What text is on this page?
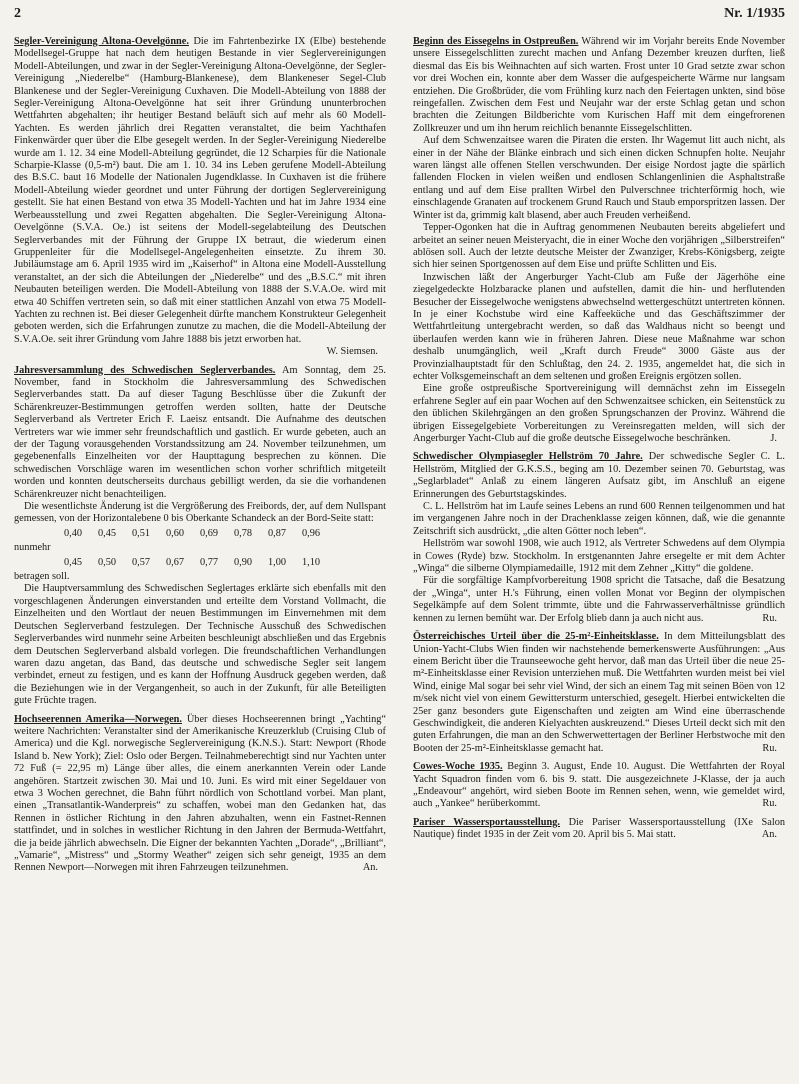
2	Nr. 1/1935

Segler-Vereinigung Altona-Oevelgönne. Die im Fahrtenbezirke IX (Elbe) bestehende Modellsegel-Gruppe hat nach dem heutigen Bestande in vier Seglervereinigungen Modell-Abteilungen, und zwar in der Segler-Vereinigung Altona-Oevelgönne, der Segler-Vereinigung „Niederelbe“ (Hamburg-Blankenese), dem Blankeneser Segel-Club Blankenese und der Segler-Vereinigung Cuxhaven. Die Modell-Abteilung von 1888 der Segler-Vereinigung Altona-Oevelgönne hat seit ihrer Gründung ununterbrochen Wettfahrten abgehalten; ihr heutiger Bestand beläuft sich auf mehr als 60 Modell-Yachten. Es werden jährlich drei Regatten veranstaltet, die beim Yachthafen Finkenwärder quer über die Elbe gesegelt werden. In der Segler-Vereinigung Niederelbe wurde am 1. 12. 34 eine Modell-Abteilung gegründet, die 12 Scharpies für die Nationale Scharpie-Klasse (0,5-m²) baut. Die am 1. 10. 34 ins Leben gerufene Modell-Abteilung des B.S.C. baut 16 Modelle der Nationalen Jugendklasse. In Cuxhaven ist die frühere Modell-Abteilung wieder geordnet und unter Führung der dortigen Seglervereinigung gestellt. Sie hat einen Bestand von etwa 35 Modell-Yachten und hat im Jahre 1934 eine Werbeausstellung und zwei Regatten abgehalten. Die Segler-Vereinigung Altona-Oevelgönne (S.V.A. Oe.) ist seitens der Modell-segelabteilung des Deutschen Seglerverbandes mit der Führung der Gruppe IX betraut, die wiederum einen Gruppenleiter für die Modellsegel-Angelegenheiten einsetzte. Zu ihrem 30. Jubiläumstage am 6. April 1935 wird im „Kaiserhof“ in Altona eine Modell-Ausstellung veranstaltet, an der sich die Abteilungen der „Niederelbe“ und des „B.S.C.“ mit ihren Neubauten beteiligen werden. Die Modell-Abteilung von 1888 der S.V.A.Oe. wird mit etwa 40 Schiffen vertreten sein, so daß mit einer stattlichen Anzahl von etwa 75 Modell-Yachten zu rechnen ist. Bei dieser Gelegenheit dürfte manchem Konstrukteur Gelegenheit geboten werden, sich die Erfahrungen zunutze zu machen, die die Modell-Abteilung der S.V.A.Oe. seit ihrer Gründung vom Jahre 1888 bis jetzt erworben hat.

W. Siemsen.

Jahresversammlung des Schwedischen Seglerverbandes. Am Sonntag, dem 25. November, fand in Stockholm die Jahresversammlung des Schwedischen Seglerverbandes statt. Da auf dieser Tagung Beschlüsse über die Zukunft der Schärenkreuzer-Bestimmungen getroffen werden sollten, hatte der Deutsche Seglerverband als Vertreter Erich F. Laeisz entsandt. Die Aufnahme des deutschen Vertreters war wie immer sehr freundschaftlich und gastlich. Er wurde gebeten, auch an der der Tagung vorausgehenden Vorstandssitzung am 24. November teilzunehmen, um gegebenenfalls Einzelheiten vor der Haupttagung besprechen zu können. Die schwedischen Vorschläge waren im wesentlichen schon vorher schriftlich mitgeteilt worden und konnten deutscherseits durchaus gebilligt werden, da sie die vorhandenen Schärenkreuzer nicht benachteiligen.

Die wesentlichste Änderung ist die Vergrößerung des Freibords, der, auf dem Nullspant gemessen, von der Horizontalebene 0 bis Oberkante Schandeck an der Bord-Seite statt:

0,40	0,45	0,51	0,60	0,69	0,78	0,87	0,96

nunmehr

0,45	0,50	0,57	0,67	0,77	0,90	1,00	1,10

betragen soll.

Die Hauptversammlung des Schwedischen Seglertages erklärte sich ebenfalls mit den vorgeschlagenen Änderungen einverstanden und erteilte dem Vorstand Vollmacht, die Einzelheiten und den Wortlaut der neuen Bestimmungen im Einvernehmen mit dem Deutschen Seglerverband festzulegen. Der Technische Ausschuß des Schwedischen Seglerverbandes wird nunmehr seine Arbeiten beschleunigt abschließen und das Ergebnis dem Deutschen Seglerverband alsbald vorlegen. Die freundschaftlichen Verhandlungen waren dazu angetan, das Band, das deutsche und schwedische Segler seit langem verbindet, erneut zu festigen, und es kann der Hoffnung Ausdruck gegeben werden, daß die Beziehungen wie in der Vergangenheit, so auch in der Zukunft, für alle Beteiligten gute Früchte tragen.

Hochseerennen Amerika—Norwegen. Über dieses Hochseerennen bringt „Yachting“ weitere Nachrichten: Veranstalter sind der Amerikanische Kreuzerklub (Cruising Club of America) und die Kgl. norwegische Seglervereinigung (K.N.S.). Start: Newport (Rhode Island b. New York); Ziel: Oslo oder Bergen. Teilnahmeberechtigt sind nur Yachten unter 72 Fuß (= 22,95 m) Länge über alles, die einem anerkannten Verein oder Lande angehören. Startzeit zwischen 30. Mai und 10. Juni. Es wird mit einer Segeldauer von etwa 3 Wochen gerechnet, die Bahn führt nördlich von Schottland vorbei. Man plant, einen „Transatlantik-Wanderpreis“ zu schaffen, wobei man den Gedanken hat, das Rennen in östlicher Richtung in den Jahren abzuhalten, wenn ein Fastnet-Rennen stattfindet, und in solches in westlicher Richtung in den Jahren der Bermuda-Wettfahrt, die ja beide jährlich abwechseln. Die Eigner der bekannten Yachten „Dorade“, „Brilliant“, „Vamarie“, „Mistress“ und „Stormy Weather“ zeigen sich sehr geneigt, 1935 an dem Rennen Newport—Norwegen mit ihren Fahrzeugen teilzunehmen.	An.

Beginn des Eissegelns in Ostpreußen. Während wir im Vorjahr bereits Ende November unsere Eissegelschlitten zurecht machen und Anfang Dezember kreuzen durften, ließ diesmal das Eis bis Weihnachten auf sich warten. Frost unter 10 Grad setzte zwar schon vor drei Wochen ein, konnte aber dem Wasser die aufgespeicherte Wärme nur langsam entziehen. Die Großbrüder, die vom Frühling kurz nach den Feiertagen unkten, sind böse reingefallen. Zwischen dem Fest und Neujahr war der erste Schlag getan und schon brachten die Zeitungen Bildberichte vom Kurischen Haff mit dem eingefrorenen Zollkreuzer und um ihn herum reichlich benannte Eissegelschlitten.

Auf dem Schwenzaitsee waren die Piraten die ersten. Ihr Wagemut litt auch nicht, als einer in der Nähe der Blänke einbrach und sich einen dicken Schnupfen holte. Neujahr waren längst alle offenen Stellen verschwunden. Der eisige Nordost jagte die spärlich fallenden Flocken in vielen weißen und endlosen Schlangenlinien die Asphaltstraße entlang und auf dem Eise prallten Wirbel den Pulverschnee trichterförmig hoch, wie einschlagende Granaten auf trockenem Grund Rauch und Staub emporspritzen lassen. Der Winter ist da, grimmig kalt blasend, aber auch Freuden verheißend.

Tepper-Ogonken hat die in Auftrag genommenen Neubauten bereits abgeliefert und arbeitet an seiner neuen Meisteryacht, die in einer Woche den vorjährigen „Silberstreifen“ ablösen soll. Auch der letzte deutsche Meister der Zwanziger, Krebs-Königsberg, zeigte sich hier seinen Sportgenossen auf dem Eise und prüfte Schlitten und Eis.

Inzwischen läßt der Angerburger Yacht-Club am Fuße der Jägerhöhe eine ziegelgedeckte Holzbaracke planen und aufstellen, damit die hin- und herflutenden Besucher der Eissegelwoche wenigstens abwechselnd wettergeschützt untertreten können. In je einer Kochstube wird eine Kaffeeküche und das Geschäftszimmer der Wettfahrtleitung untergebracht werden, so daß das Waldhaus nicht so beengt und überlaufen werden kann wie in früheren Jahren. Diese neue Maßnahme war schon deshalb unumgänglich, weil „Kraft durch Freude“ 3000 Gäste aus der Provinzialhauptstadt für den Schlußtag, den 24. 2. 1935, angemeldet hat, die sich in echter Volksgemeinschaft an dem seltenen und großen Ereignis ergötzen sollen.

Eine große ostpreußische Sportvereinigung will demnächst zehn im Eissegeln erfahrene Segler auf ein paar Wochen auf den Schwenzaitsee schicken, ein Seitenstück zu den üblichen Skilehrgängen an den großen Sprungschanzen der Provinz. Während die übrigen Eissegelgebiete Vorbereitungen zu Vereinsregatten melden, will sich der Angerburger Yacht-Club auf die große deutsche Eissegelwoche beschränken.	J.

Schwedischer Olympiasegler Hellström 70 Jahre. Der schwedische Segler C. L. Hellström, Mitglied der G.K.S.S., beging am 10. Dezember seinen 70. Geburtstag, was „Seglarbladet“ Anlaß zu einem längeren Aufsatz gibt, im Anschluß an eigene Erinnerungen des Geburtstagskindes.

C. L. Hellström hat im Laufe seines Lebens an rund 600 Rennen teilgenommen und hat im vergangenen Jahre noch in der Drachenklasse zeigen können, daß, wie die genannte Zeitschrift sich ausdrückt, „die alten Götter noch leben“.

Hellström war sowohl 1908, wie auch 1912, als Vertreter Schwedens auf dem Olympia in Cowes (Ryde) bzw. Stockholm. In erstgenannten Jahre ersegelte er mit dem Achter „Winga“ die silberne Olympiamedaille, 1912 mit dem Zehner „Kitty“ die goldene.

Für die sorgfältige Kampfvorbereitung 1908 spricht die Tatsache, daß die Besatzung der „Winga“, unter H.'s Führung, einen vollen Monat vor Beginn der olympischen Segelkämpfe auf dem Solent trimmte, übte und die Fahrwasserverhältnisse gründlich kennen zu lernen bemüht war. Der Erfolg blieb dann ja auch nicht aus.	Ru.

Österreichisches Urteil über die 25-m²-Einheitsklasse. In dem Mitteilungsblatt des Union-Yacht-Clubs Wien finden wir nachstehende bemerkenswerte Ausführungen: „Aus einem Bericht über die Traunseewoche geht hervor, daß man das Urteil über die neue 25-m²-Einheitsklasse einer Revision unterziehen muß. Die Wettfahrten wurden meist bei viel Wind, einige Mal sogar bei sehr viel Wind, der sich an einem Tag mit seinen Böen von 12 m/sek nicht viel von einem Gewittersturm unterschied, gesegelt. Hierbei entwickelten die 25er ganz besonders gute Eigenschaften und zeigten am Wind eine überraschende Geschwindigkeit, die anderen Kielyachten auskreuzend.“ Dieses Urteil deckt sich mit den guten Erfahrungen, die man an den Schwerwettertagen der Berliner Herbstwoche mit den Booten der 25-m²-Einheitsklasse gemacht hat.	Ru.

Cowes-Woche 1935. Beginn 3. August, Ende 10. August. Die Wettfahrten der Royal Yacht Squadron finden vom 6. bis 9. statt. Die ausgezeichnete J-Klasse, der ja auch „Endeavour“ angehört, wird sieben Boote im Rennen sehen, wenn, wie gemeldet wird, auch „Yankee“ herüberkommt.	Ru.

Pariser Wassersportausstellung. Die Pariser Wassersportausstellung (IXe Salon Nautique) findet 1935 in der Zeit vom 20. April bis 5. Mai statt.	An.
